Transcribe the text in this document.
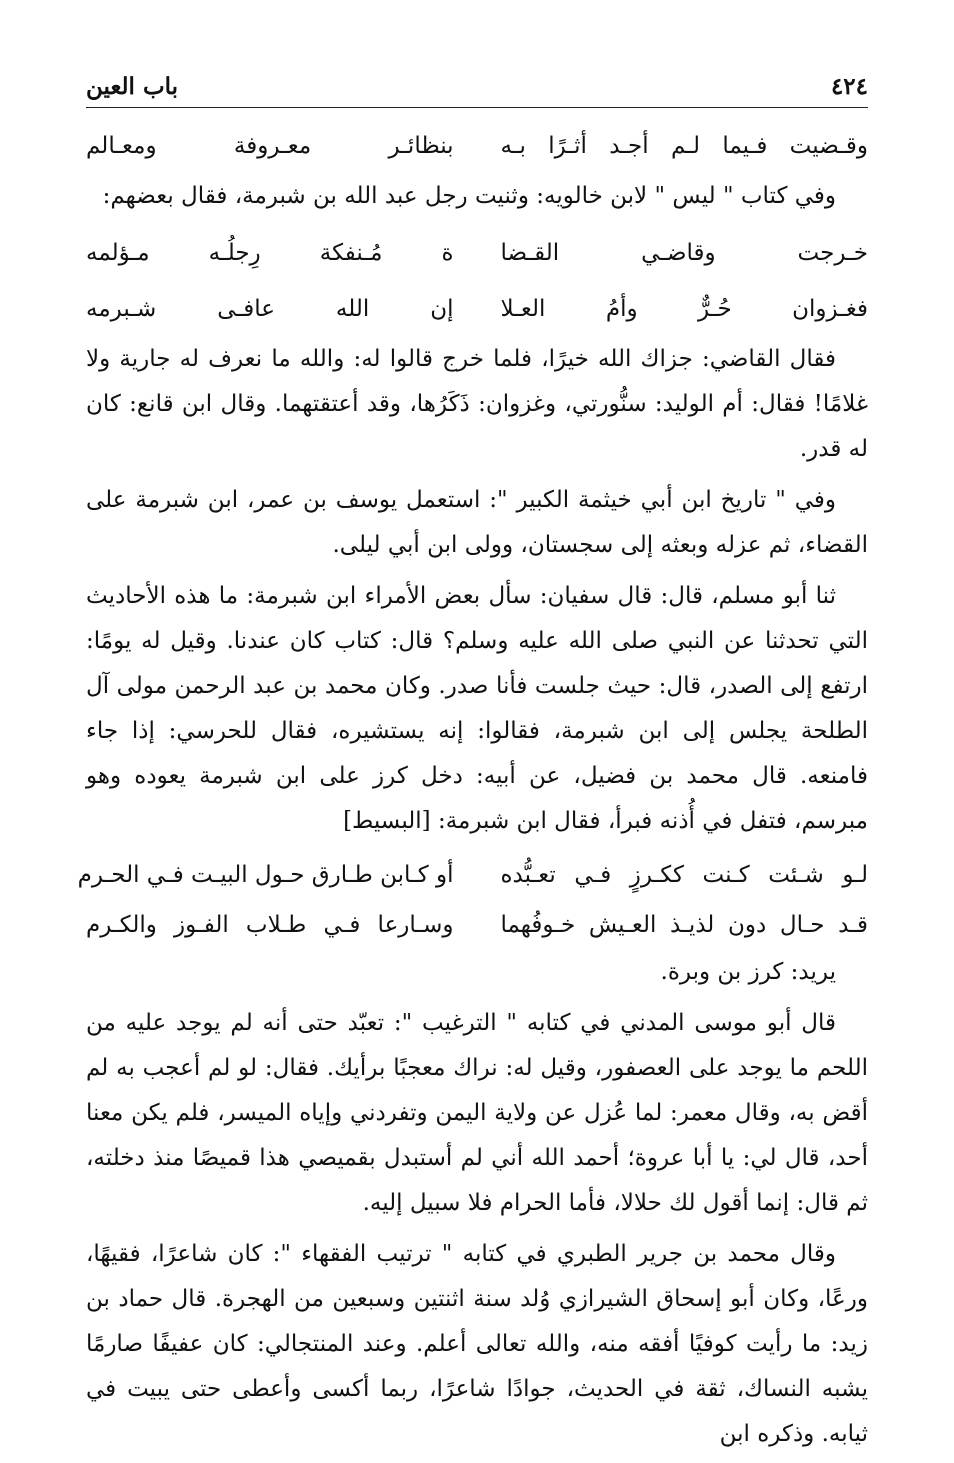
٤٢٤
باب العين
وقـضيت فـيما لـم أجـد أثـرًا بـه
بنظائـر معـروفة ومعـالم

وفي كتاب " ليس " لابن خالويه: وثنيت رجل عبد الله بن شبرمة، فقال بعضهم:

خـرجت وقاضـي القـضا
ة مُـنفكة رِجلُـه مـؤلمه
فغـزوان حُـرٌّ وأمُ العـلا
إن الله عافـى شـبرمه

فقال القاضي: جزاك الله خيرًا، فلما خرج قالوا له: والله ما نعرف له جارية ولا غلامًا! فقال: أم الوليد: سنُّورتي، وغزوان: ذَكَرُها، وقد أعتقتهما. وقال ابن قانع: كان له قدر.

وفي " تاريخ ابن أبي خيثمة الكبير ": استعمل يوسف بن عمر، ابن شبرمة على القضاء، ثم عزله وبعثه إلى سجستان، وولى ابن أبي ليلى.

ثنا أبو مسلم، قال: قال سفيان: سأل بعض الأمراء ابن شبرمة: ما هذه الأحاديث التي تحدثنا عن النبي صلى الله عليه وسلم؟ قال: كتاب كان عندنا. وقيل له يومًا: ارتفع إلى الصدر، قال: حيث جلست فأنا صدر. وكان محمد بن عبد الرحمن مولى آل الطلحة يجلس إلى ابن شبرمة، فقالوا: إنه يستشيره، فقال للحرسي: إذا جاء فامنعه. قال محمد بن فضيل، عن أبيه: دخل كرز على ابن شبرمة يعوده وهو مبرسم، فتفل في أُذنه فبرأ، فقال ابن شبرمة: [البسيط]

لـو شـئت كـنت ككـرزٍ فـي تعـبُّده
أو كـابن طـارق حـول البيـت فـي الحـرم
قـد حـال دون لذيـذ العـيش خـوفُهما
وسـارعا فـي طـلاب الفـوز والكـرم

يريد: كرز بن وبرة.

قال أبو موسى المدني في كتابه " الترغيب ": تعبّد حتى أنه لم يوجد عليه من اللحم ما يوجد على العصفور، وقيل له: نراك معجبًا برأيك. فقال: لو لم أعجب به لم أقض به، وقال معمر: لما عُزل عن ولاية اليمن وتفردني وإياه الميسر، فلم يكن معنا أحد، قال لي: يا أبا عروة؛ أحمد الله أني لم أستبدل بقميصي هذا قميصًا منذ دخلته، ثم قال: إنما أقول لك حلالا، فأما الحرام فلا سبيل إليه.

وقال محمد بن جرير الطبري في كتابه " ترتيب الفقهاء ": كان شاعرًا، فقيهًا، ورعًا، وكان أبو إسحاق الشيرازي وُلد سنة اثنتين وسبعين من الهجرة. قال حماد بن زيد: ما رأيت كوفيًا أفقه منه، والله تعالى أعلم. وعند المنتجالي: كان عفيفًا صارمًا يشبه النساك، ثقة في الحديث، جوادًا شاعرًا، ربما أكسى وأعطى حتى يبيت في ثيابه. وذكره ابن
